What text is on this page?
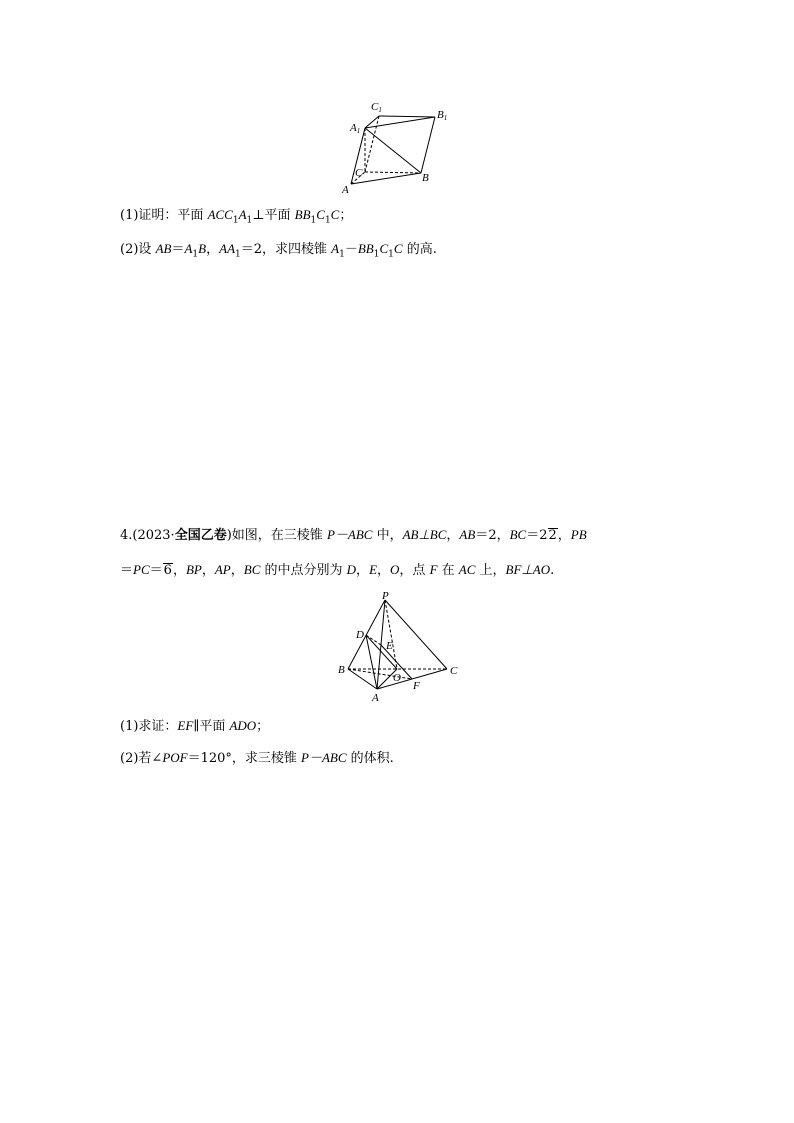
C1	B1
A1
C
A
B

(1)证明：平面 $ACC_1A_1\perp$平面 $BB_1C_1C$；

(2)设 $AB=A_1B$，$AA_1=2$，求四棱锥 $A_1-BB_1C_1C$ 的高.

4.(2023·全国乙卷)如图，在三棱锥 P－ABC 中，AB⊥BC，AB＝2，BC＝22，PB

＝PC＝6，BP，AP，BC 的中点分别为 D，E，O，点 F 在 AC 上，BF⊥AO.

P
D
E
B
O
F
C
A

(1)求证：EF∥平面 ADO；

(2)若∠POF＝120°，求三棱锥 P－ABC 的体积.
